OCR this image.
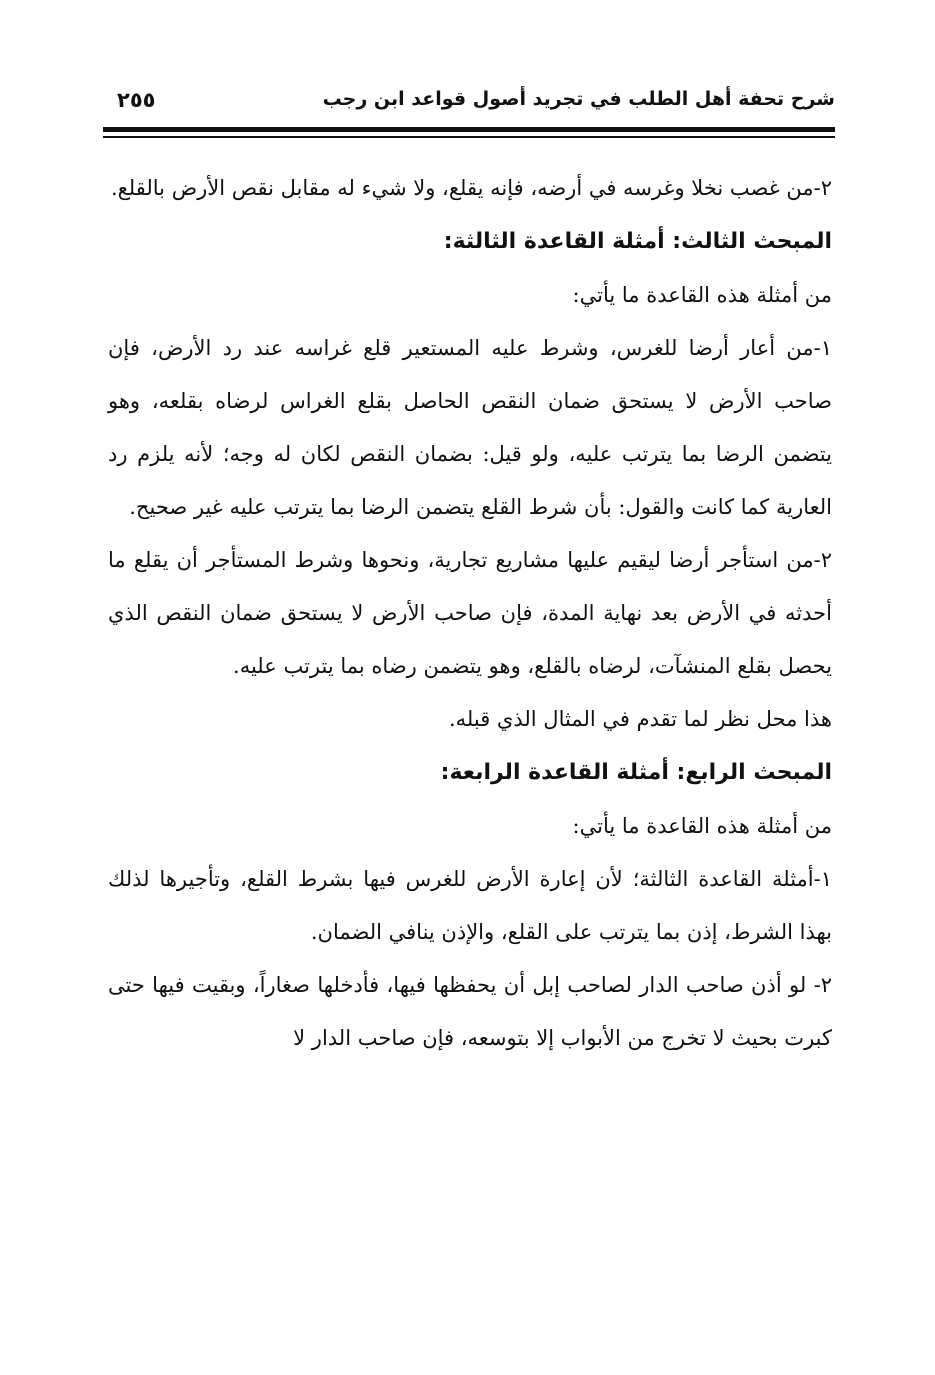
شرح تحفة أهل الطلب في تجريد أصول قواعد ابن رجب
٢٥٥

٢-من غصب نخلا وغرسه في أرضه، فإنه يقلع، ولا شيء له مقابل نقص الأرض بالقلع.

المبحث الثالث: أمثلة القاعدة الثالثة:

من أمثلة هذه القاعدة ما يأتي:

١-من أعار أرضا للغرس، وشرط عليه المستعير قلع غراسه عند رد الأرض، فإن صاحب الأرض لا يستحق ضمان النقص الحاصل بقلع الغراس لرضاه بقلعه، وهو يتضمن الرضا بما يترتب عليه، ولو قيل: بضمان النقص لكان له وجه؛ لأنه يلزم رد العارية كما كانت والقول: بأن شرط القلع يتضمن الرضا بما يترتب عليه غير صحيح.

٢-من استأجر أرضا ليقيم عليها مشاريع تجارية، ونحوها وشرط المستأجر أن يقلع ما أحدثه في الأرض بعد نهاية المدة، فإن صاحب الأرض لا يستحق ضمان النقص الذي يحصل بقلع المنشآت، لرضاه بالقلع، وهو يتضمن رضاه بما يترتب عليه.

هذا محل نظر لما تقدم في المثال الذي قبله.

المبحث الرابع: أمثلة القاعدة الرابعة:

من أمثلة هذه القاعدة ما يأتي:

١-أمثلة القاعدة الثالثة؛ لأن إعارة الأرض للغرس فيها بشرط القلع، وتأجيرها لذلك بهذا الشرط، إذن بما يترتب على القلع، والإذن ينافي الضمان.

٢- لو أذن صاحب الدار لصاحب إبل أن يحفظها فيها، فأدخلها صغاراً، وبقيت فيها حتى كبرت بحيث لا تخرج من الأبواب إلا بتوسعه، فإن صاحب الدار لا
